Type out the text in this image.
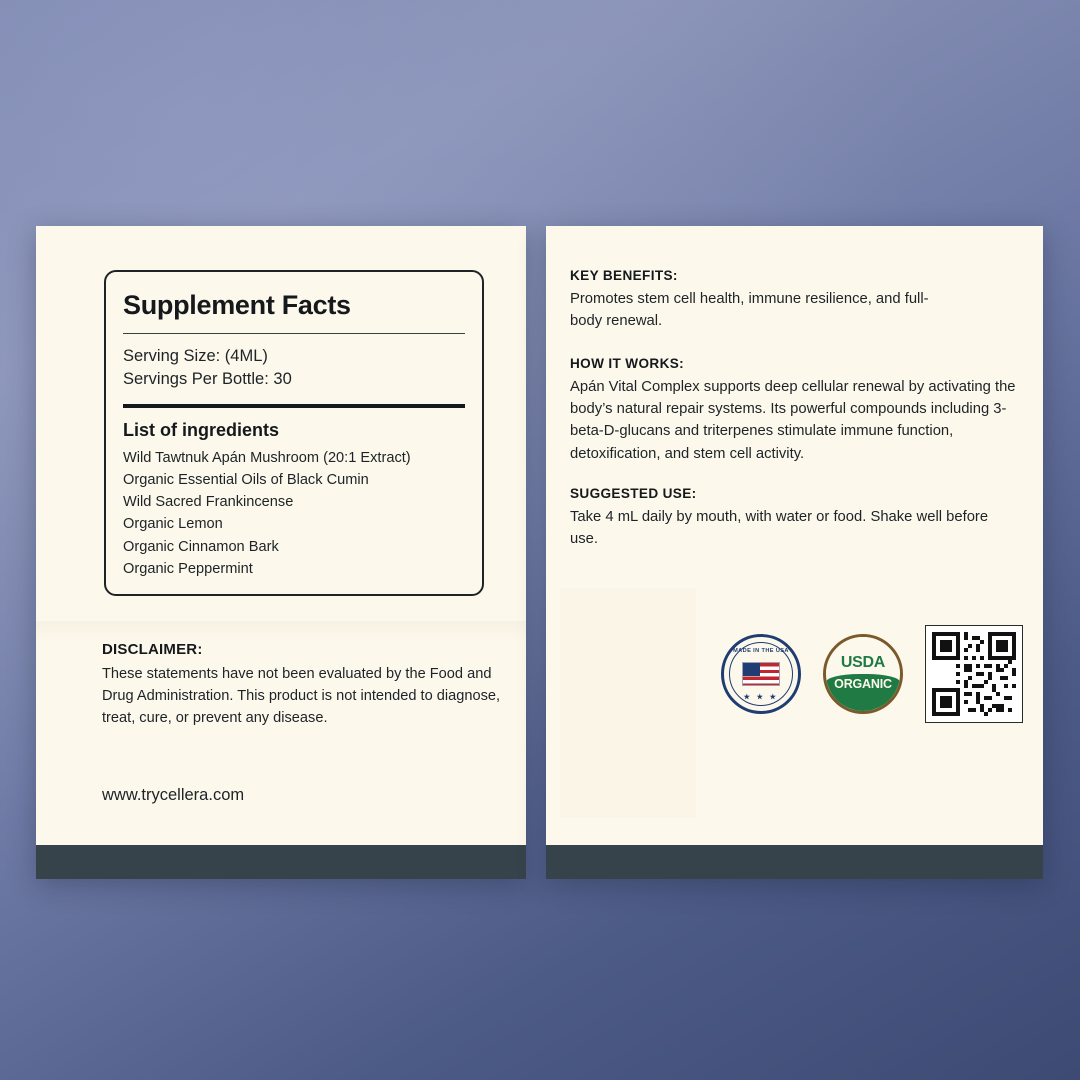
Supplement Facts
Serving Size: (4ML)
Servings Per Bottle: 30
List of ingredients
Wild Tawtnuk Apán Mushroom (20:1 Extract)
Organic Essential Oils of Black Cumin
Wild Sacred Frankincense
Organic Lemon
Organic Cinnamon Bark
Organic Peppermint
DISCLAIMER:
These statements have not been evaluated by the Food and Drug Administration. This product is not intended to diagnose, treat, cure, or prevent any disease.
www.trycellera.com
KEY BENEFITS:
Promotes stem cell health, immune resilience, and full-body renewal.
HOW IT WORKS:
Apán Vital Complex supports deep cellular renewal by activating the body’s natural repair systems. Its powerful compounds including 3-beta-D-glucans and triterpenes stimulate immune function, detoxification, and stem cell activity.
SUGGESTED USE:
Take 4 mL daily by mouth, with water or food. Shake well before use.
MADE IN THE USA
★ ★ ★
USDA
ORGANIC
